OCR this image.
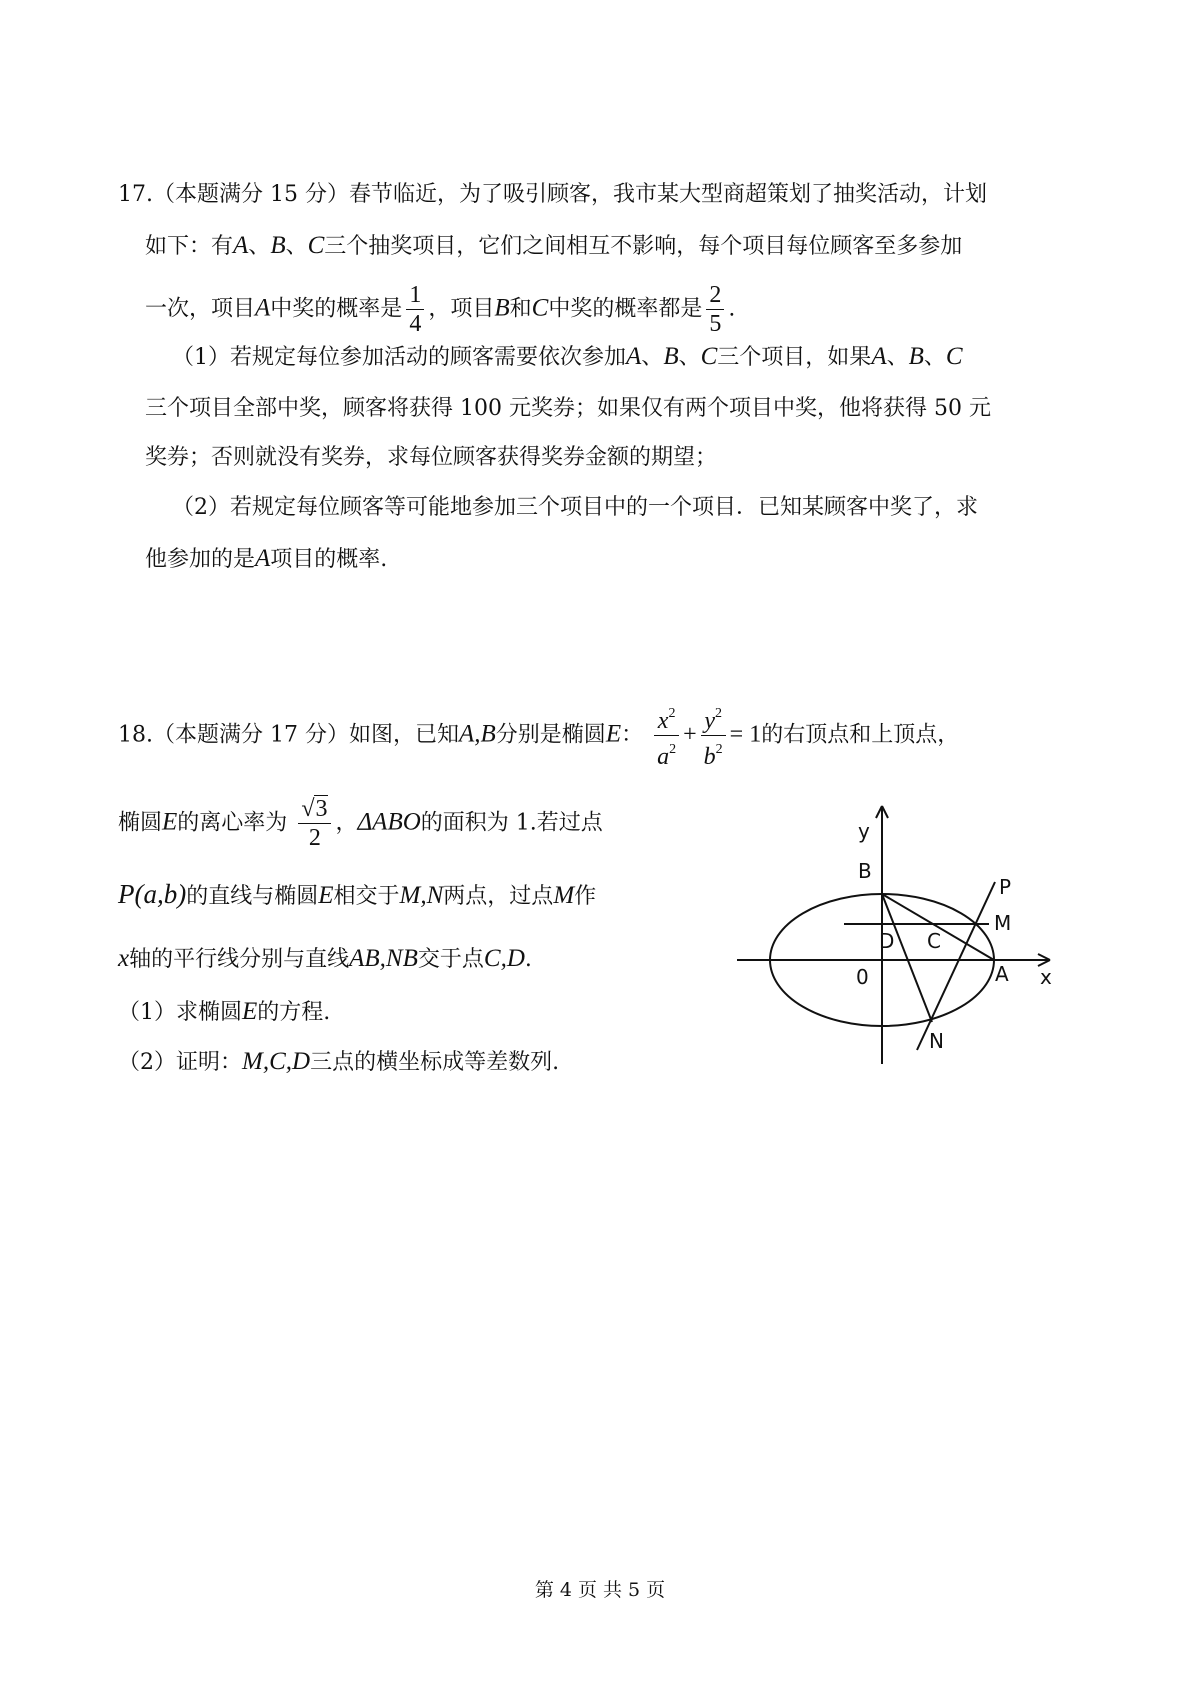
17.（本题满分 15 分）春节临近，为了吸引顾客，我市某大型商超策划了抽奖活动，计划
如下：有A、B、C三个抽奖项目，它们之间相互不影响，每个项目每位顾客至多参加
一次，项目A中奖的概率是 $\frac{1}{4}$ ，项目B和C中奖的概率都是 $\frac{2}{5}$ .
（1）若规定每位参加活动的顾客需要依次参加A、B、C三个项目，如果A、B、C
三个项目全部中奖，顾客将获得 100 元奖券；如果仅有两个项目中奖，他将获得 50 元
奖券；否则就没有奖券，求每位顾客获得奖券金额的期望；
（2）若规定每位顾客等可能地参加三个项目中的一个项目．已知某顾客中奖了，求
他参加的是A项目的概率.
18.（本题满分 17 分）如图，已知A,B分别是椭圆E： $\frac{x^2}{a^2} + \frac{y^2}{b^2} = 1$的右顶点和上顶点，
椭圆E的离心率为 $\frac{√3}{2}$ ，ΔABO的面积为 1.若过点
P(a,b)的直线与椭圆E相交于M,N两点，过点M作
x轴的平行线分别与直线AB,NB交于点C,D.
（1）求椭圆E的方程.
（2）证明：M,C,D三点的横坐标成等差数列.
y
x
B
P
M
D C
A
0
N
第 4 页 共 5 页
